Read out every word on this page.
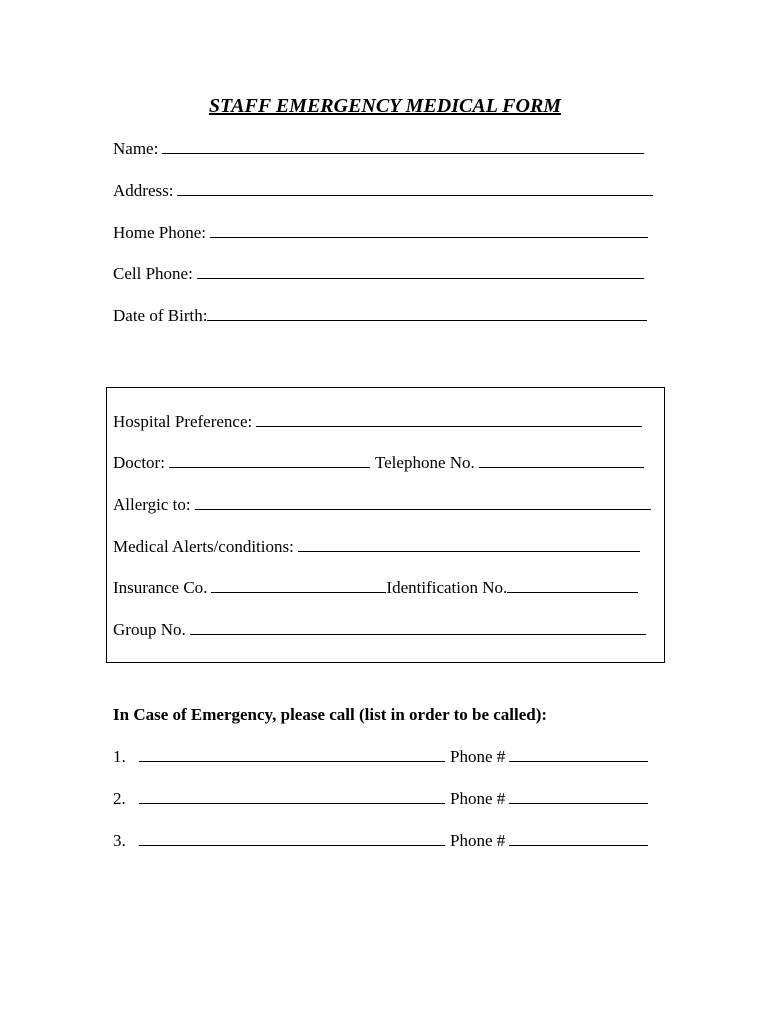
STAFF EMERGENCY MEDICAL FORM
Name:
Address:
Home Phone:
Cell Phone:
Date of Birth:
Hospital Preference:
Doctor:	Telephone No.
Allergic to:
Medical Alerts/conditions:
Insurance Co.	Identification No.
Group No.

In Case of Emergency, please call (list in order to be called):

1.	Phone #
2.	Phone #
3.	Phone #
